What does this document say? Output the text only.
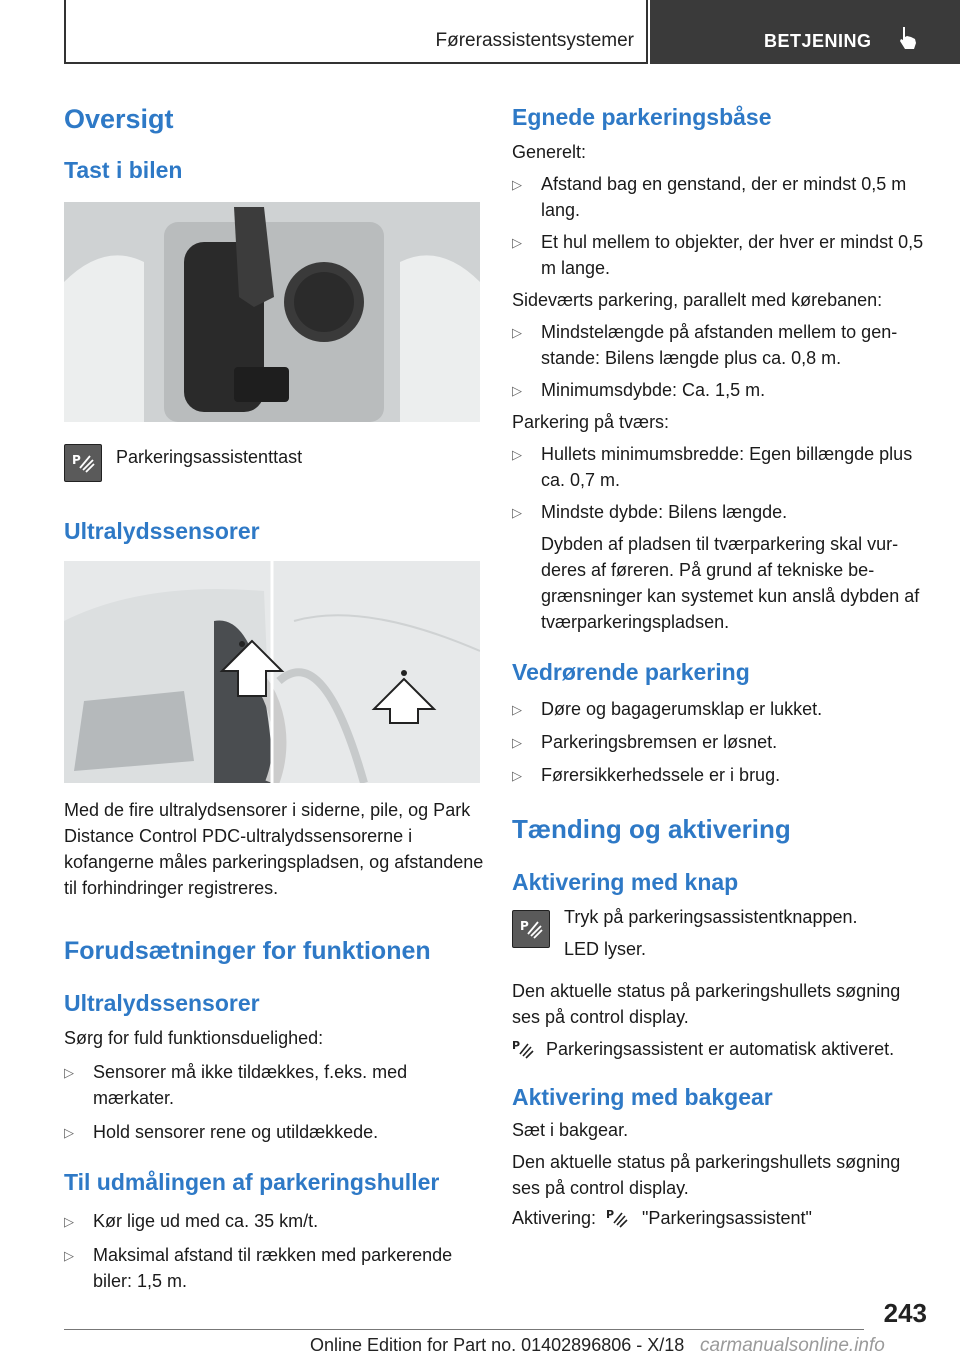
Førerassistentsystemer	BETJENING
Oversigt
Tast i bilen
P Parkeringsassistenttast

Ultralydssensorer

Med de fire ultralydsensorer i siderne, pile, og Park Distance Control PDC-ultralydssensorerne i kofangerne måles parkeringspladsen, og afstandene til forhindringer registreres.

Forudsætninger for funktionen
Ultralydssensorer

Sørg for fuld funktionsduelighed:

▷ Sensorer må ikke tildækkes, f.eks. med mærkater.
▷ Hold sensorer rene og utildækkede.
Til udmålingen af parkeringshuller
▷ Kør lige ud med ca. 35 km/t.
▷ Maksimal afstand til rækken med parkerende biler: 1,5 m.
Egnede parkeringsbåse

Generelt:

▷ Afstand bag en genstand, der er mindst 0,5 m lang.
▷ Et hul mellem to objekter, der hver er mindst 0,5 m lange.

Sideværts parkering, parallelt med kørebanen:

▷ Mindstelængde på afstanden mellem to genstande: Bilens længde plus ca. 0,8 m.
▷ Minimumsdybde: Ca. 1,5 m.

Parkering på tværs:

▷ Hullets minimumsbredde: Egen billængde plus ca. 0,7 m.
▷ Mindste dybde: Bilens længde.
Dybden af pladsen til tværparkering skal vurderes af føreren. På grund af tekniske begrænsninger kan systemet kun anslå dybden af tværparkeringspladsen.
Vedrørende parkering
▷ Døre og bagagerumsklap er lukket.
▷ Parkeringsbremsen er løsnet.
▷ Førersikkerhedssele er i brug.
Tænding og aktivering
Aktivering med knap
P Tryk på parkeringsassistentknappen.

LED lyser.

Den aktuelle status på parkeringshullets søgning ses på control display.

P Parkeringsassistent er automatisk aktiveret.
Aktivering med bakgear

Sæt i bakgear.

Den aktuelle status på parkeringshullets søgning ses på control display.

Aktivering: P "Parkeringsassistent"
243
Online Edition for Part no. 01402896806 - X/18 carmanualsonline.info
